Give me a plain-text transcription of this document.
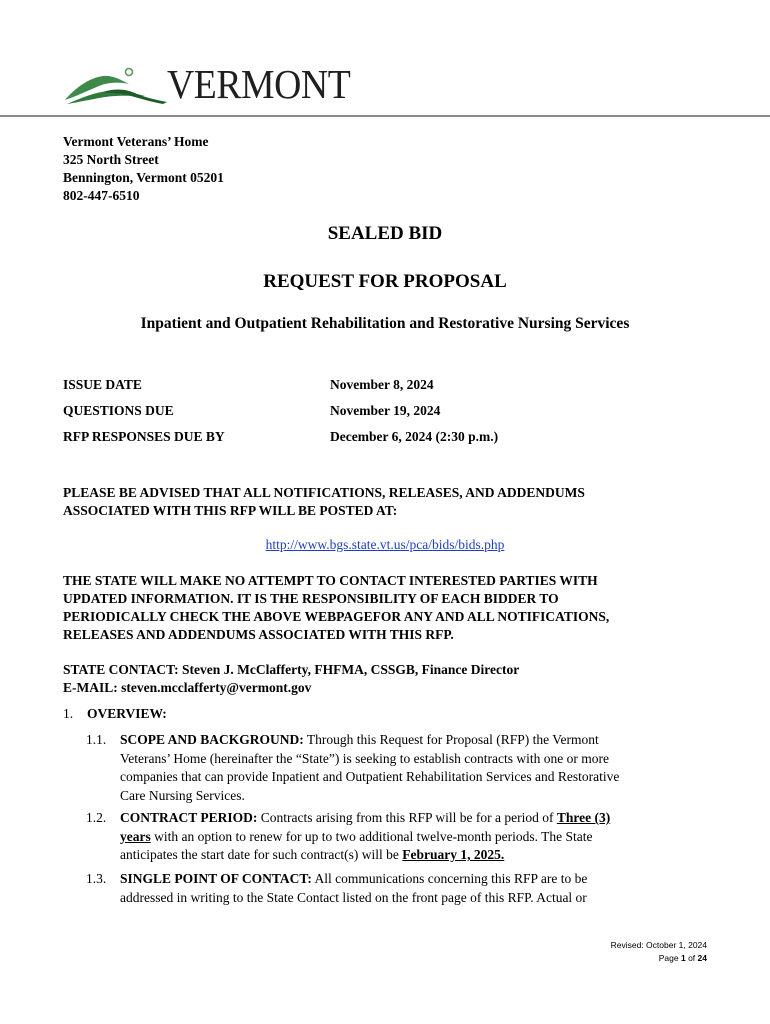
VERMONT
Vermont Veterans’ Home
325 North Street
Bennington, Vermont 05201
802-447-6510
SEALED BID
REQUEST FOR PROPOSAL
Inpatient and Outpatient Rehabilitation and Restorative Nursing Services
ISSUE DATE	November 8, 2024
QUESTIONS DUE	November 19, 2024
RFP RESPONSES DUE BY	December 6, 2024 (2:30 p.m.)
PLEASE BE ADVISED THAT ALL NOTIFICATIONS, RELEASES, AND ADDENDUMS
ASSOCIATED WITH THIS RFP WILL BE POSTED AT:
http://www.bgs.state.vt.us/pca/bids/bids.php
THE STATE WILL MAKE NO ATTEMPT TO CONTACT INTERESTED PARTIES WITH
UPDATED INFORMATION. IT IS THE RESPONSIBILITY OF EACH BIDDER TO
PERIODICALLY CHECK THE ABOVE WEBPAGEFOR ANY AND ALL NOTIFICATIONS,
RELEASES AND ADDENDUMS ASSOCIATED WITH THIS RFP.
STATE CONTACT: Steven J. McClafferty, FHFMA, CSSGB, Finance Director
E-MAIL: steven.mcclafferty@vermont.gov
1. OVERVIEW:
1.1. SCOPE AND BACKGROUND: Through this Request for Proposal (RFP) the Vermont
Veterans’ Home (hereinafter the “State”) is seeking to establish contracts with one or more
companies that can provide Inpatient and Outpatient Rehabilitation Services and Restorative
Care Nursing Services.
1.2. CONTRACT PERIOD: Contracts arising from this RFP will be for a period of Three (3)
years with an option to renew for up to two additional twelve-month periods. The State
anticipates the start date for such contract(s) will be February 1, 2025.
1.3. SINGLE POINT OF CONTACT: All communications concerning this RFP are to be
addressed in writing to the State Contact listed on the front page of this RFP. Actual or
Revised: October 1, 2024
Page 1 of 24
